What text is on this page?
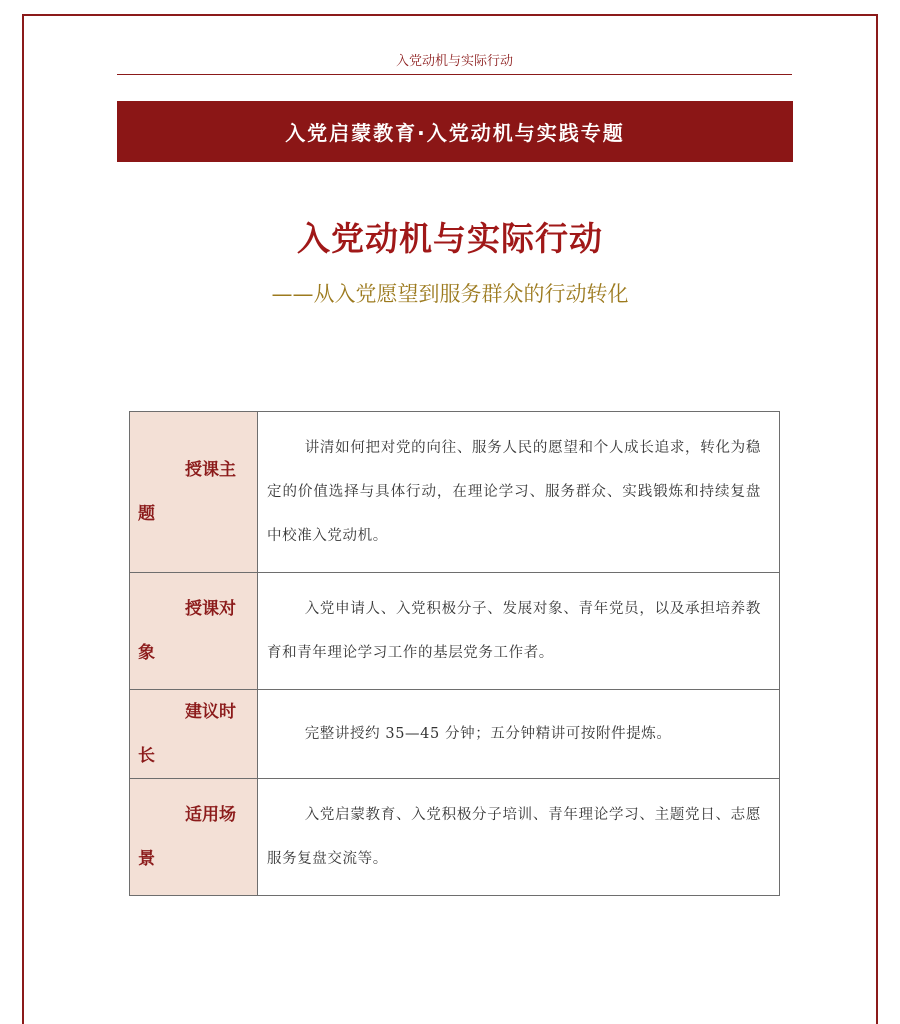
入党动机与实际行动
入党启蒙教育·入党动机与实践专题
入党动机与实际行动
——从入党愿望到服务群众的行动转化
授课主题	讲清如何把对党的向往、服务人民的愿望和个人成长追求，转化为稳定的价值选择与具体行动，在理论学习、服务群众、实践锻炼和持续复盘中校准入党动机。

授课对象	入党申请人、入党积极分子、发展对象、青年党员，以及承担培养教育和青年理论学习工作的基层党务工作者。

建议时长	完整讲授约 35—45 分钟；五分钟精讲可按附件提炼。

适用场景	入党启蒙教育、入党积极分子培训、青年理论学习、主题党日、志愿服务复盘交流等。
